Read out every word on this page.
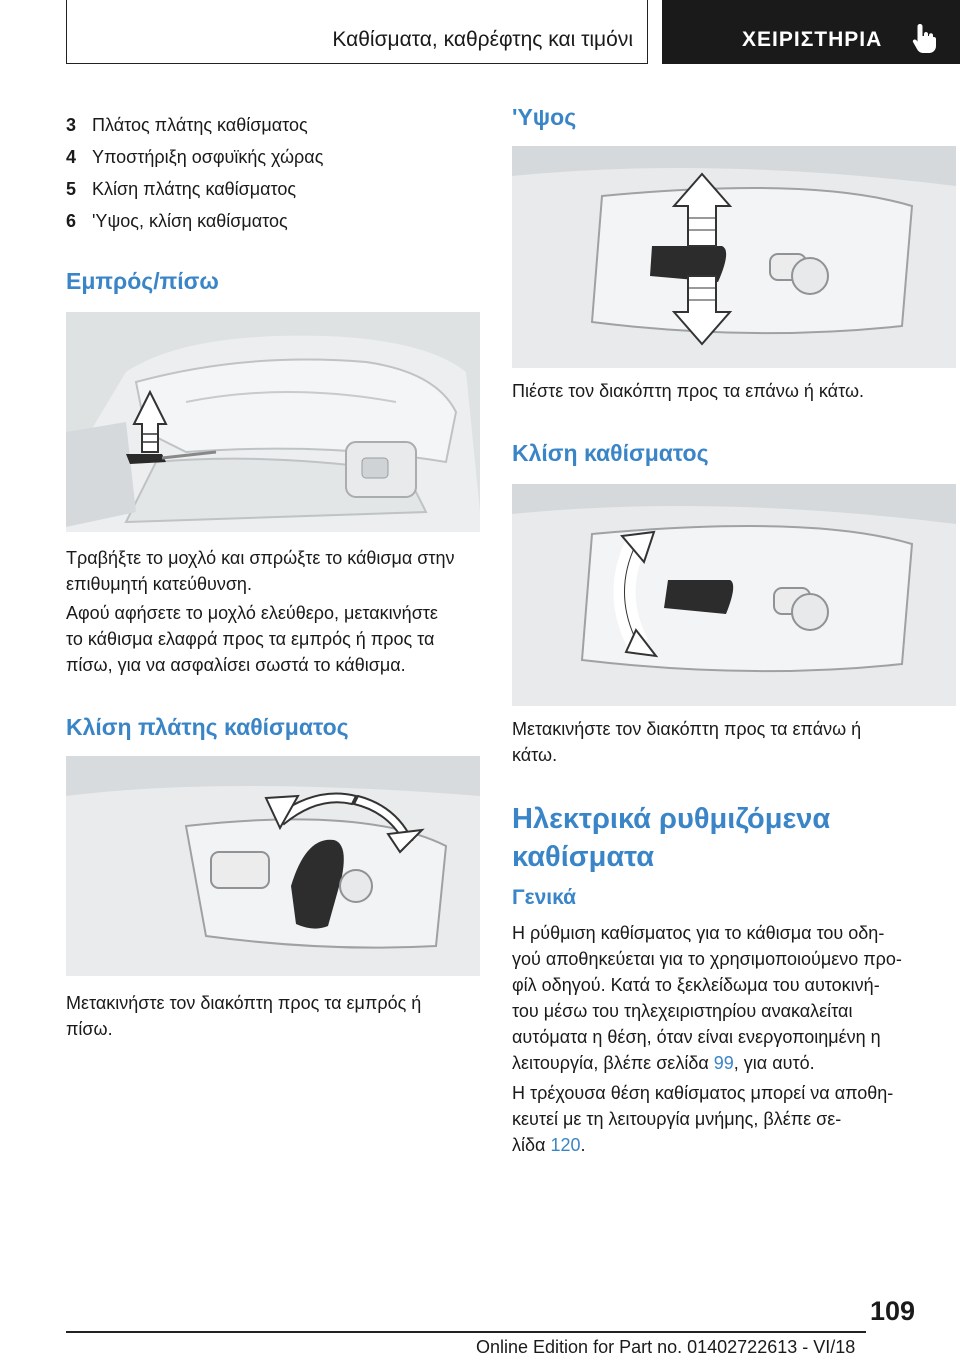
Καθίσματα, καθρέφτης και τιμόνι	ΧΕΙΡΙΣΤΗΡΙΑ
3 Πλάτος πλάτης καθίσματος
4 Υποστήριξη οσφυϊκής χώρας
5 Κλίση πλάτης καθίσματος
6 'Υψος, κλίση καθίσματος
Εμπρός/πίσω
Τραβήξτε το μοχλό και σπρώξτε το κάθισμα στην
επιθυμητή κατεύθυνση.
Αφού αφήσετε το μοχλό ελεύθερο, μετακινήστε
το κάθισμα ελαφρά προς τα εμπρός ή προς τα
πίσω, για να ασφαλίσει σωστά το κάθισμα.
Κλίση πλάτης καθίσματος
Μετακινήστε τον διακόπτη προς τα εμπρός ή
πίσω.
'Υψος
Πιέστε τον διακόπτη προς τα επάνω ή κάτω.
Κλίση καθίσματος
Μετακινήστε τον διακόπτη προς τα επάνω ή
κάτω.
Ηλεκτρικά ρυθμιζόμενα
καθίσματα
Γενικά
Η ρύθμιση καθίσματος για το κάθισμα του οδη-
γού αποθηκεύεται για το χρησιμοποιούμενο προ-
φίλ οδηγού. Κατά το ξεκλείδωμα του αυτοκινή-
του μέσω του τηλεχειριστηρίου ανακαλείται
αυτόματα η θέση, όταν είναι ενεργοποιημένη η
λειτουργία, βλέπε σελίδα 99, για αυτό.
Η τρέχουσα θέση καθίσματος μπορεί να αποθη-
κευτεί με τη λειτουργία μνήμης, βλέπε σε-
λίδα 120.
109
Online Edition for Part no. 01402722613 - VI/18
